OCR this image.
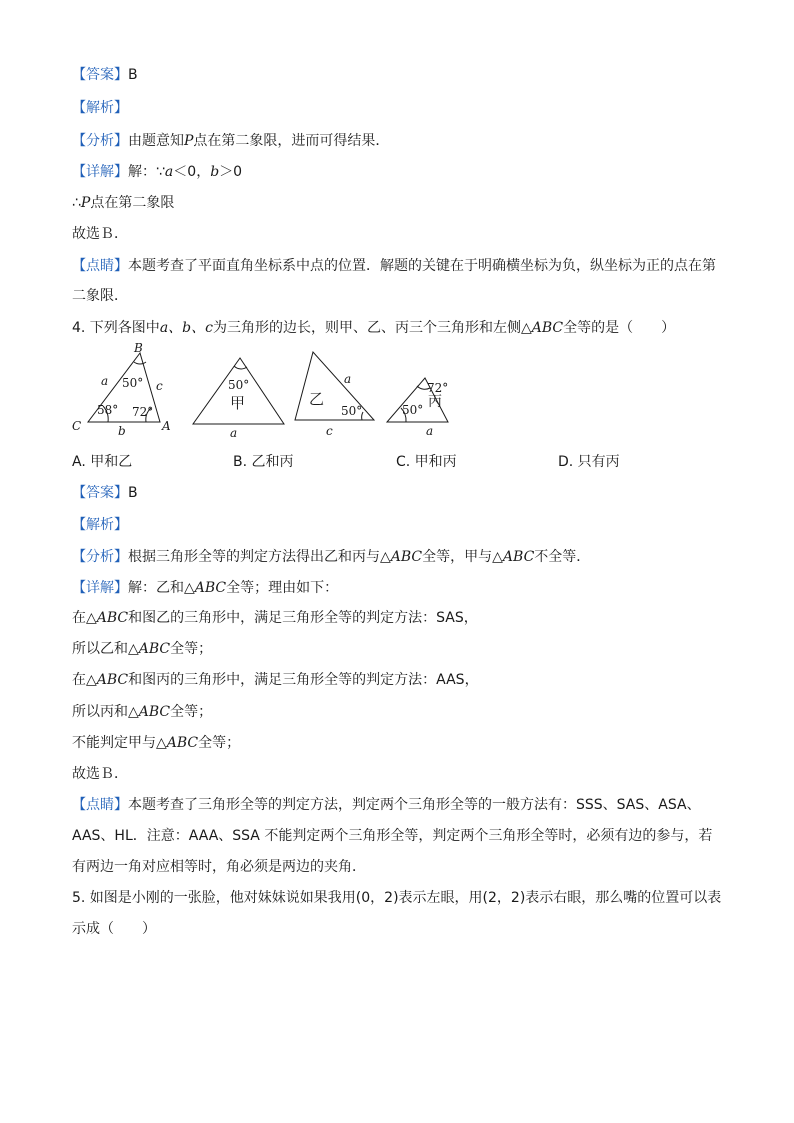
【答案】B
【解析】
【分析】由题意知P点在第二象限，进而可得结果．
【详解】解：∵a＜0，b＞0
∴P点在第二象限
故选Ｂ．
【点睛】本题考查了平面直角坐标系中点的位置．解题的关键在于明确横坐标为负，纵坐标为正的点在第
二象限．
4. 下列各图中a、b、c为三角形的边长，则甲、乙、丙三个三角形和左侧△ABC全等的是（　　）
B
C	A
a	c
b
50°
58° 72°
50°
甲
a
乙
50°
a
c
72°
丙
50°
a
A. 甲和乙	B. 乙和丙	C. 甲和丙	D. 只有丙
【答案】B
【解析】
【分析】根据三角形全等的判定方法得出乙和丙与△ABC全等，甲与△ABC不全等．
【详解】解：乙和△ABC全等；理由如下：
在△ABC和图乙的三角形中，满足三角形全等的判定方法：SAS，
所以乙和△ABC全等；
在△ABC和图丙的三角形中，满足三角形全等的判定方法：AAS，
所以丙和△ABC全等；
不能判定甲与△ABC全等；
故选Ｂ．
【点睛】本题考查了三角形全等的判定方法，判定两个三角形全等的一般方法有：SSS、SAS、ASA、
AAS、HL．注意：AAA、SSA 不能判定两个三角形全等，判定两个三角形全等时，必须有边的参与，若
有两边一角对应相等时，角必须是两边的夹角．
5. 如图是小刚的一张脸，他对妹妹说如果我用(0，2)表示左眼，用(2，2)表示右眼，那么嘴的位置可以表
示成（　　）
